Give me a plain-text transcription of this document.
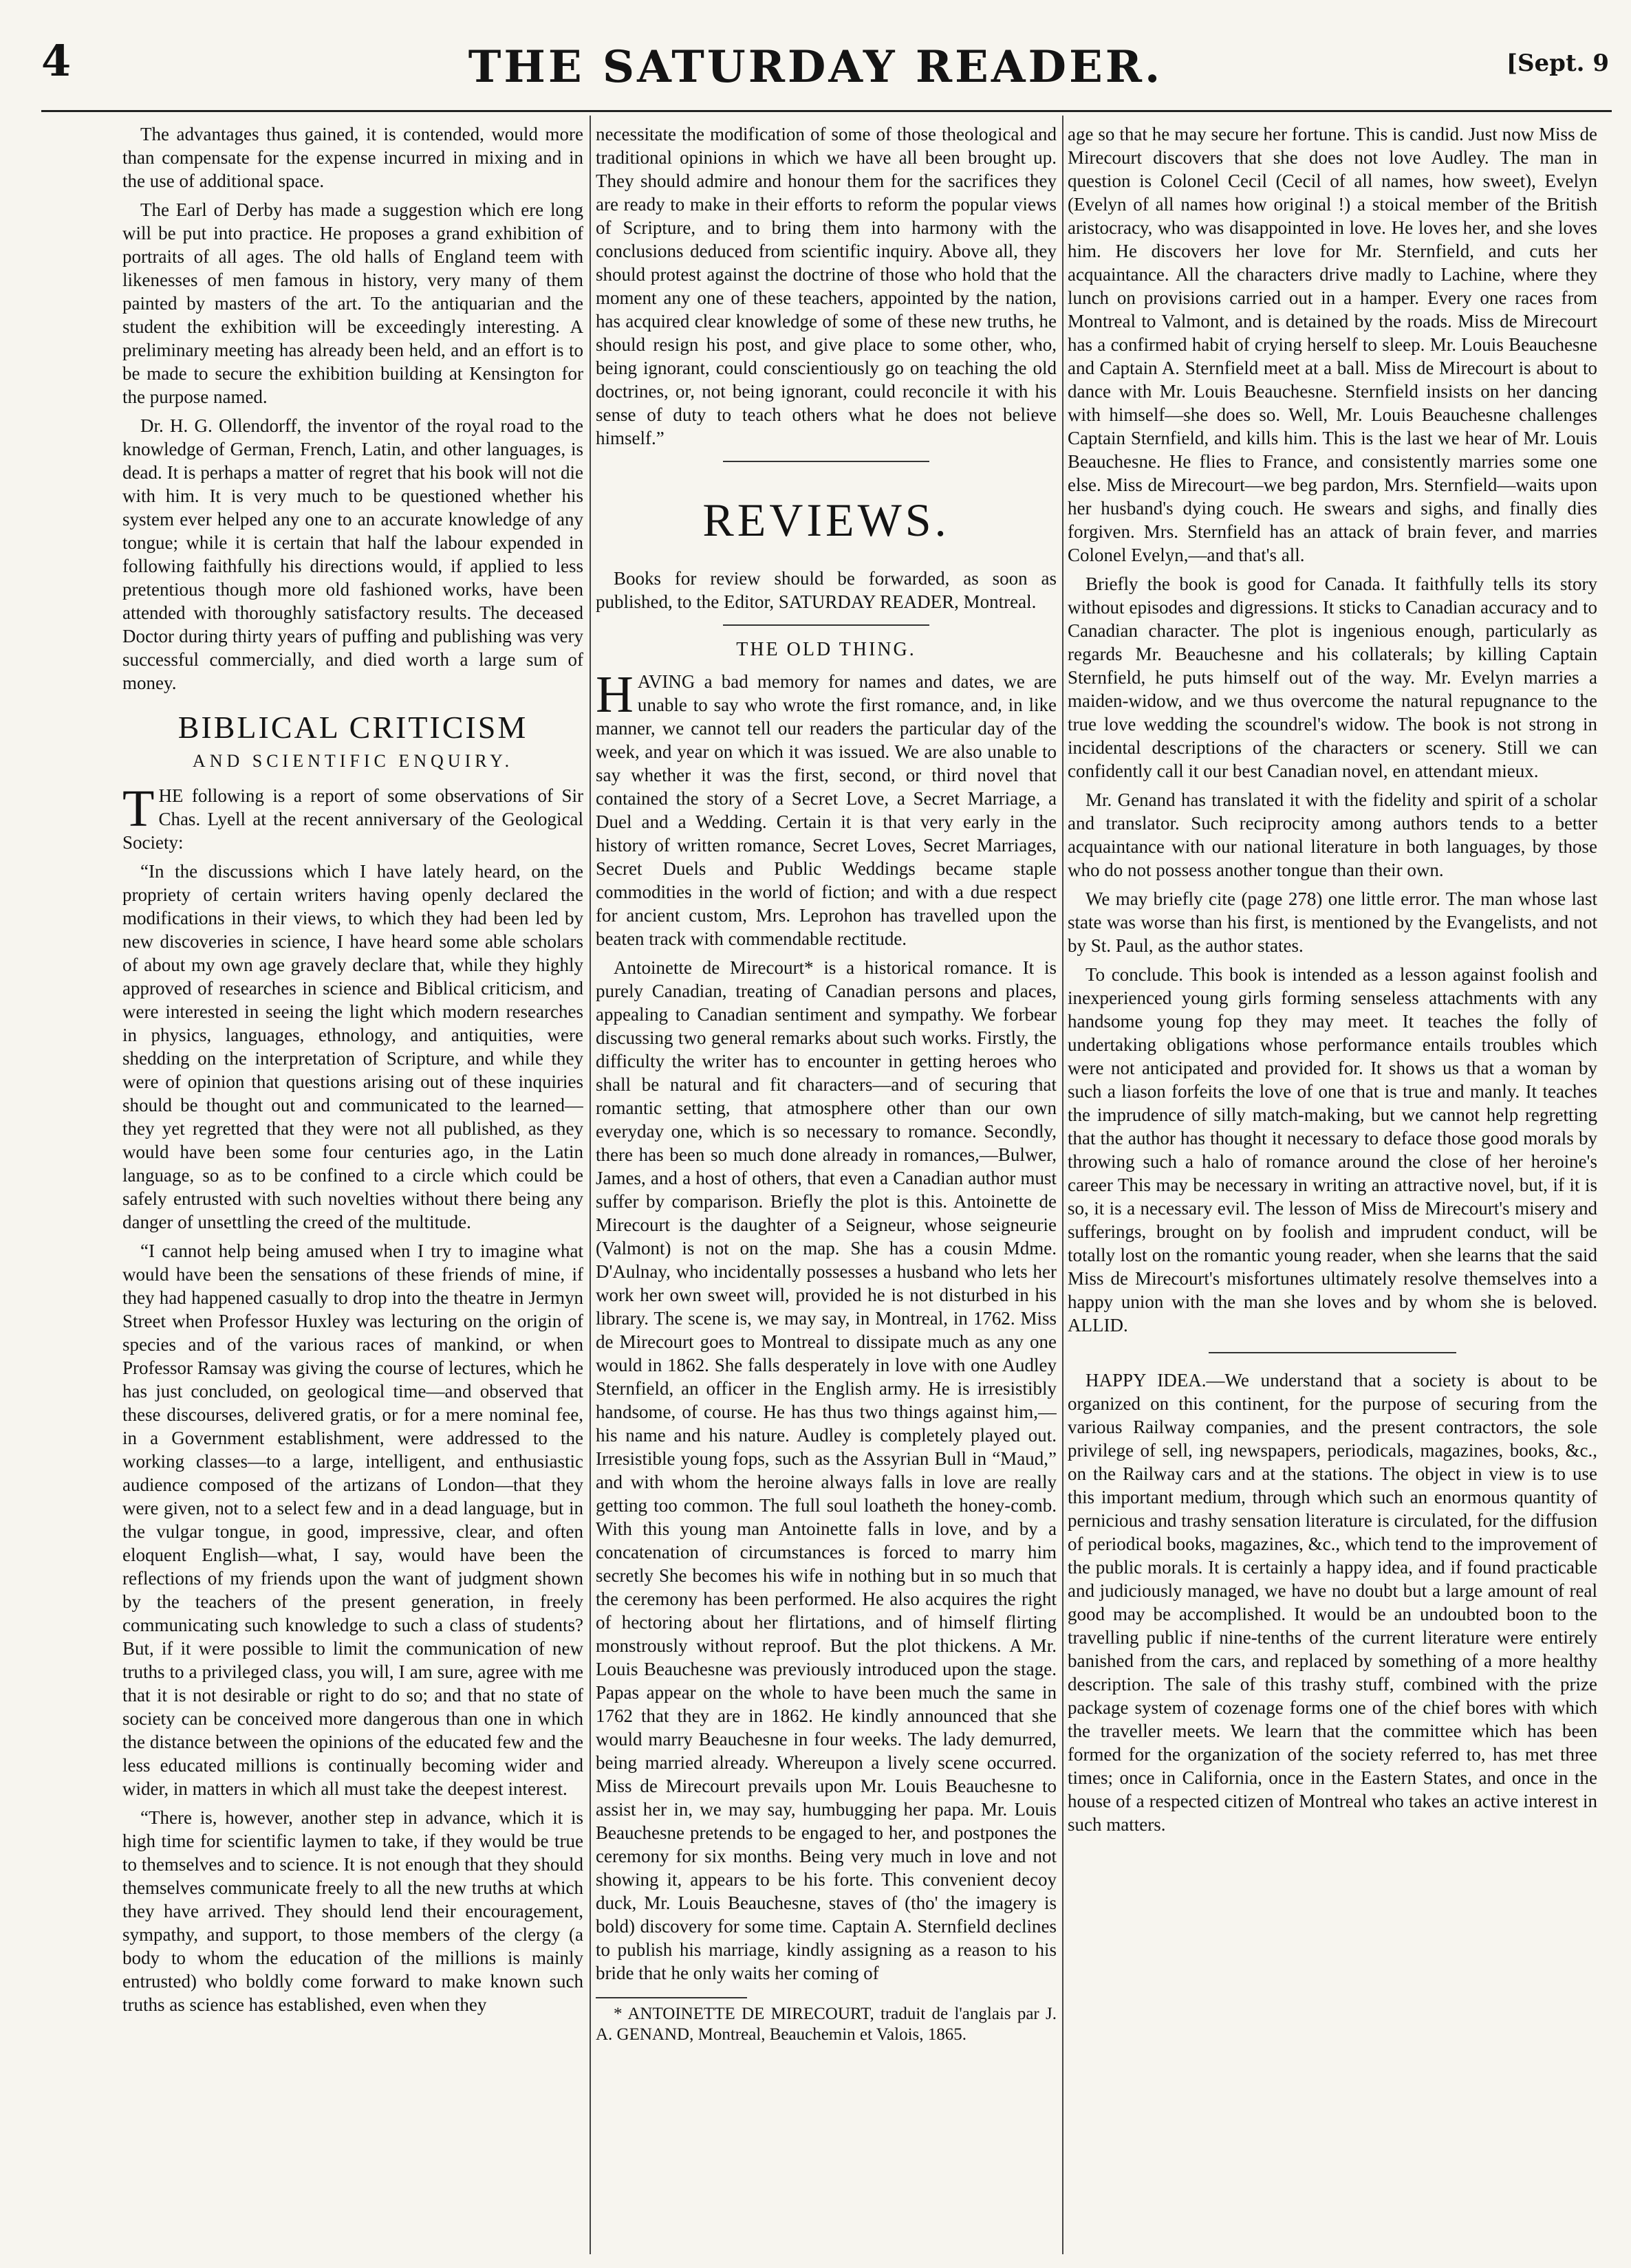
4	THE SATURDAY READER.	[Sept. 9

The advantages thus gained, it is contended, would more than compensate for the expense incurred in mixing and in the use of additional space.

The Earl of Derby has made a suggestion which ere long will be put into practice. He proposes a grand exhibition of portraits of all ages. The old halls of England teem with likenesses of men famous in history, very many of them painted by masters of the art. To the antiquarian and the student the exhibition will be exceedingly interesting. A preliminary meeting has already been held, and an effort is to be made to secure the exhibition building at Kensington for the purpose named.

Dr. H. G. Ollendorff, the inventor of the royal road to the knowledge of German, French, Latin, and other languages, is dead. It is perhaps a matter of regret that his book will not die with him. It is very much to be questioned whether his system ever helped any one to an accurate knowledge of any tongue; while it is certain that half the labour expended in following faithfully his directions would, if applied to less pretentious though more old fashioned works, have been attended with thoroughly satisfactory results. The deceased Doctor during thirty years of puffing and publishing was very successful commercially, and died worth a large sum of money.

BIBLICAL CRITICISM
AND SCIENTIFIC ENQUIRY.

THE following is a report of some observations of Sir Chas. Lyell at the recent anniversary of the Geological Society:

“In the discussions which I have lately heard, on the propriety of certain writers having openly declared the modifications in their views, to which they had been led by new discoveries in science, I have heard some able scholars of about my own age gravely declare that, while they highly approved of researches in science and Biblical criticism, and were interested in seeing the light which modern researches in physics, languages, ethnology, and antiquities, were shedding on the interpretation of Scripture, and while they were of opinion that questions arising out of these inquiries should be thought out and communicated to the learned—they yet regretted that they were not all published, as they would have been some four centuries ago, in the Latin language, so as to be confined to a circle which could be safely entrusted with such novelties without there being any danger of unsettling the creed of the multitude.

“I cannot help being amused when I try to imagine what would have been the sensations of these friends of mine, if they had happened casually to drop into the theatre in Jermyn Street when Professor Huxley was lecturing on the origin of species and of the various races of mankind, or when Professor Ramsay was giving the course of lectures, which he has just concluded, on geological time—and observed that these discourses, delivered gratis, or for a mere nominal fee, in a Government establishment, were addressed to the working classes—to a large, intelligent, and enthusiastic audience composed of the artizans of London—that they were given, not to a select few and in a dead language, but in the vulgar tongue, in good, impressive, clear, and often eloquent English—what, I say, would have been the reflections of my friends upon the want of judgment shown by the teachers of the present generation, in freely communicating such knowledge to such a class of students? But, if it were possible to limit the communication of new truths to a privileged class, you will, I am sure, agree with me that it is not desirable or right to do so; and that no state of society can be conceived more dangerous than one in which the distance between the opinions of the educated few and the less educated millions is continually becoming wider and wider, in matters in which all must take the deepest interest.

“There is, however, another step in advance, which it is high time for scientific laymen to take, if they would be true to themselves and to science. It is not enough that they should themselves communicate freely to all the new truths at which they have arrived. They should lend their encouragement, sympathy, and support, to those members of the clergy (a body to whom the education of the millions is mainly entrusted) who boldly come forward to make known such truths as science has established, even when they

necessitate the modification of some of those theological and traditional opinions in which we have all been brought up. They should admire and honour them for the sacrifices they are ready to make in their efforts to reform the popular views of Scripture, and to bring them into harmony with the conclusions deduced from scientific inquiry. Above all, they should protest against the doctrine of those who hold that the moment any one of these teachers, appointed by the nation, has acquired clear knowledge of some of these new truths, he should resign his post, and give place to some other, who, being ignorant, could conscientiously go on teaching the old doctrines, or, not being ignorant, could reconcile it with his sense of duty to teach others what he does not believe himself.”

REVIEWS.

Books for review should be forwarded, as soon as published, to the Editor, SATURDAY READER, Montreal.

THE OLD THING.

HAVING a bad memory for names and dates, we are unable to say who wrote the first romance, and, in like manner, we cannot tell our readers the particular day of the week, and year on which it was issued. We are also unable to say whether it was the first, second, or third novel that contained the story of a Secret Love, a Secret Marriage, a Duel and a Wedding. Certain it is that very early in the history of written romance, Secret Loves, Secret Marriages, Secret Duels and Public Weddings became staple commodities in the world of fiction; and with a due respect for ancient custom, Mrs. Leprohon has travelled upon the beaten track with commendable rectitude.

Antoinette de Mirecourt* is a historical romance. It is purely Canadian, treating of Canadian persons and places, appealing to Canadian sentiment and sympathy. We forbear discussing two general remarks about such works. Firstly, the difficulty the writer has to encounter in getting heroes who shall be natural and fit characters—and of securing that romantic setting, that atmosphere other than our own everyday one, which is so necessary to romance. Secondly, there has been so much done already in romances,—Bulwer, James, and a host of others, that even a Canadian author must suffer by comparison. Briefly the plot is this. Antoinette de Mirecourt is the daughter of a Seigneur, whose seigneurie (Valmont) is not on the map. She has a cousin Mdme. D'Aulnay, who incidentally possesses a husband who lets her work her own sweet will, provided he is not disturbed in his library. The scene is, we may say, in Montreal, in 1762. Miss de Mirecourt goes to Montreal to dissipate much as any one would in 1862. She falls desperately in love with one Audley Sternfield, an officer in the English army. He is irresistibly handsome, of course. He has thus two things against him,—his name and his nature. Audley is completely played out. Irresistible young fops, such as the Assyrian Bull in “Maud,” and with whom the heroine always falls in love are really getting too common. The full soul loatheth the honey-comb. With this young man Antoinette falls in love, and by a concatenation of circumstances is forced to marry him secretly She becomes his wife in nothing but in so much that the ceremony has been performed. He also acquires the right of hectoring about her flirtations, and of himself flirting monstrously without reproof. But the plot thickens. A Mr. Louis Beauchesne was previously introduced upon the stage. Papas appear on the whole to have been much the same in 1762 that they are in 1862. He kindly announced that she would marry Beauchesne in four weeks. The lady demurred, being married already. Whereupon a lively scene occurred. Miss de Mirecourt prevails upon Mr. Louis Beauchesne to assist her in, we may say, humbugging her papa. Mr. Louis Beauchesne pretends to be engaged to her, and postpones the ceremony for six months. Being very much in love and not showing it, appears to be his forte. This convenient decoy duck, Mr. Louis Beauchesne, staves of (tho' the imagery is bold) discovery for some time. Captain A. Sternfield declines to publish his marriage, kindly assigning as a reason to his bride that he only waits her coming of

* ANTOINETTE DE MIRECOURT, traduit de l'anglais par J. A. GENAND, Montreal, Beauchemin et Valois, 1865.

age so that he may secure her fortune. This is candid. Just now Miss de Mirecourt discovers that she does not love Audley. The man in question is Colonel Cecil (Cecil of all names, how sweet), Evelyn (Evelyn of all names how original !) a stoical member of the British aristocracy, who was disappointed in love. He loves her, and she loves him. He discovers her love for Mr. Sternfield, and cuts her acquaintance. All the characters drive madly to Lachine, where they lunch on provisions carried out in a hamper. Every one races from Montreal to Valmont, and is detained by the roads. Miss de Mirecourt has a confirmed habit of crying herself to sleep. Mr. Louis Beauchesne and Captain A. Sternfield meet at a ball. Miss de Mirecourt is about to dance with Mr. Louis Beauchesne. Sternfield insists on her dancing with himself—she does so. Well, Mr. Louis Beauchesne challenges Captain Sternfield, and kills him. This is the last we hear of Mr. Louis Beauchesne. He flies to France, and consistently marries some one else. Miss de Mirecourt—we beg pardon, Mrs. Sternfield—waits upon her husband's dying couch. He swears and sighs, and finally dies forgiven. Mrs. Sternfield has an attack of brain fever, and marries Colonel Evelyn,—and that's all.

Briefly the book is good for Canada. It faithfully tells its story without episodes and digressions. It sticks to Canadian accuracy and to Canadian character. The plot is ingenious enough, particularly as regards Mr. Beauchesne and his collaterals; by killing Captain Sternfield, he puts himself out of the way. Mr. Evelyn marries a maiden-widow, and we thus overcome the natural repugnance to the true love wedding the scoundrel's widow. The book is not strong in incidental descriptions of the characters or scenery. Still we can confidently call it our best Canadian novel, en attendant mieux.

Mr. Genand has translated it with the fidelity and spirit of a scholar and translator. Such reciprocity among authors tends to a better acquaintance with our national literature in both languages, by those who do not possess another tongue than their own.

We may briefly cite (page 278) one little error. The man whose last state was worse than his first, is mentioned by the Evangelists, and not by St. Paul, as the author states.

To conclude. This book is intended as a lesson against foolish and inexperienced young girls forming senseless attachments with any handsome young fop they may meet. It teaches the folly of undertaking obligations whose performance entails troubles which were not anticipated and provided for. It shows us that a woman by such a liason forfeits the love of one that is true and manly. It teaches the imprudence of silly match-making, but we cannot help regretting that the author has thought it necessary to deface those good morals by throwing such a halo of romance around the close of her heroine's career This may be necessary in writing an attractive novel, but, if it is so, it is a necessary evil. The lesson of Miss de Mirecourt's misery and sufferings, brought on by foolish and imprudent conduct, will be totally lost on the romantic young reader, when she learns that the said Miss de Mirecourt's misfortunes ultimately resolve themselves into a happy union with the man she loves and by whom she is beloved. ALLID.

HAPPY IDEA.—We understand that a society is about to be organized on this continent, for the purpose of securing from the various Railway companies, and the present contractors, the sole privilege of sell, ing newspapers, periodicals, magazines, books, &c., on the Railway cars and at the stations. The object in view is to use this important medium, through which such an enormous quantity of pernicious and trashy sensation literature is circulated, for the diffusion of periodical books, magazines, &c., which tend to the improvement of the public morals. It is certainly a happy idea, and if found practicable and judiciously managed, we have no doubt but a large amount of real good may be accomplished. It would be an undoubted boon to the travelling public if nine-tenths of the current literature were entirely banished from the cars, and replaced by something of a more healthy description. The sale of this trashy stuff, combined with the prize package system of cozenage forms one of the chief bores with which the traveller meets. We learn that the committee which has been formed for the organization of the society referred to, has met three times; once in California, once in the Eastern States, and once in the house of a respected citizen of Montreal who takes an active interest in such matters.
